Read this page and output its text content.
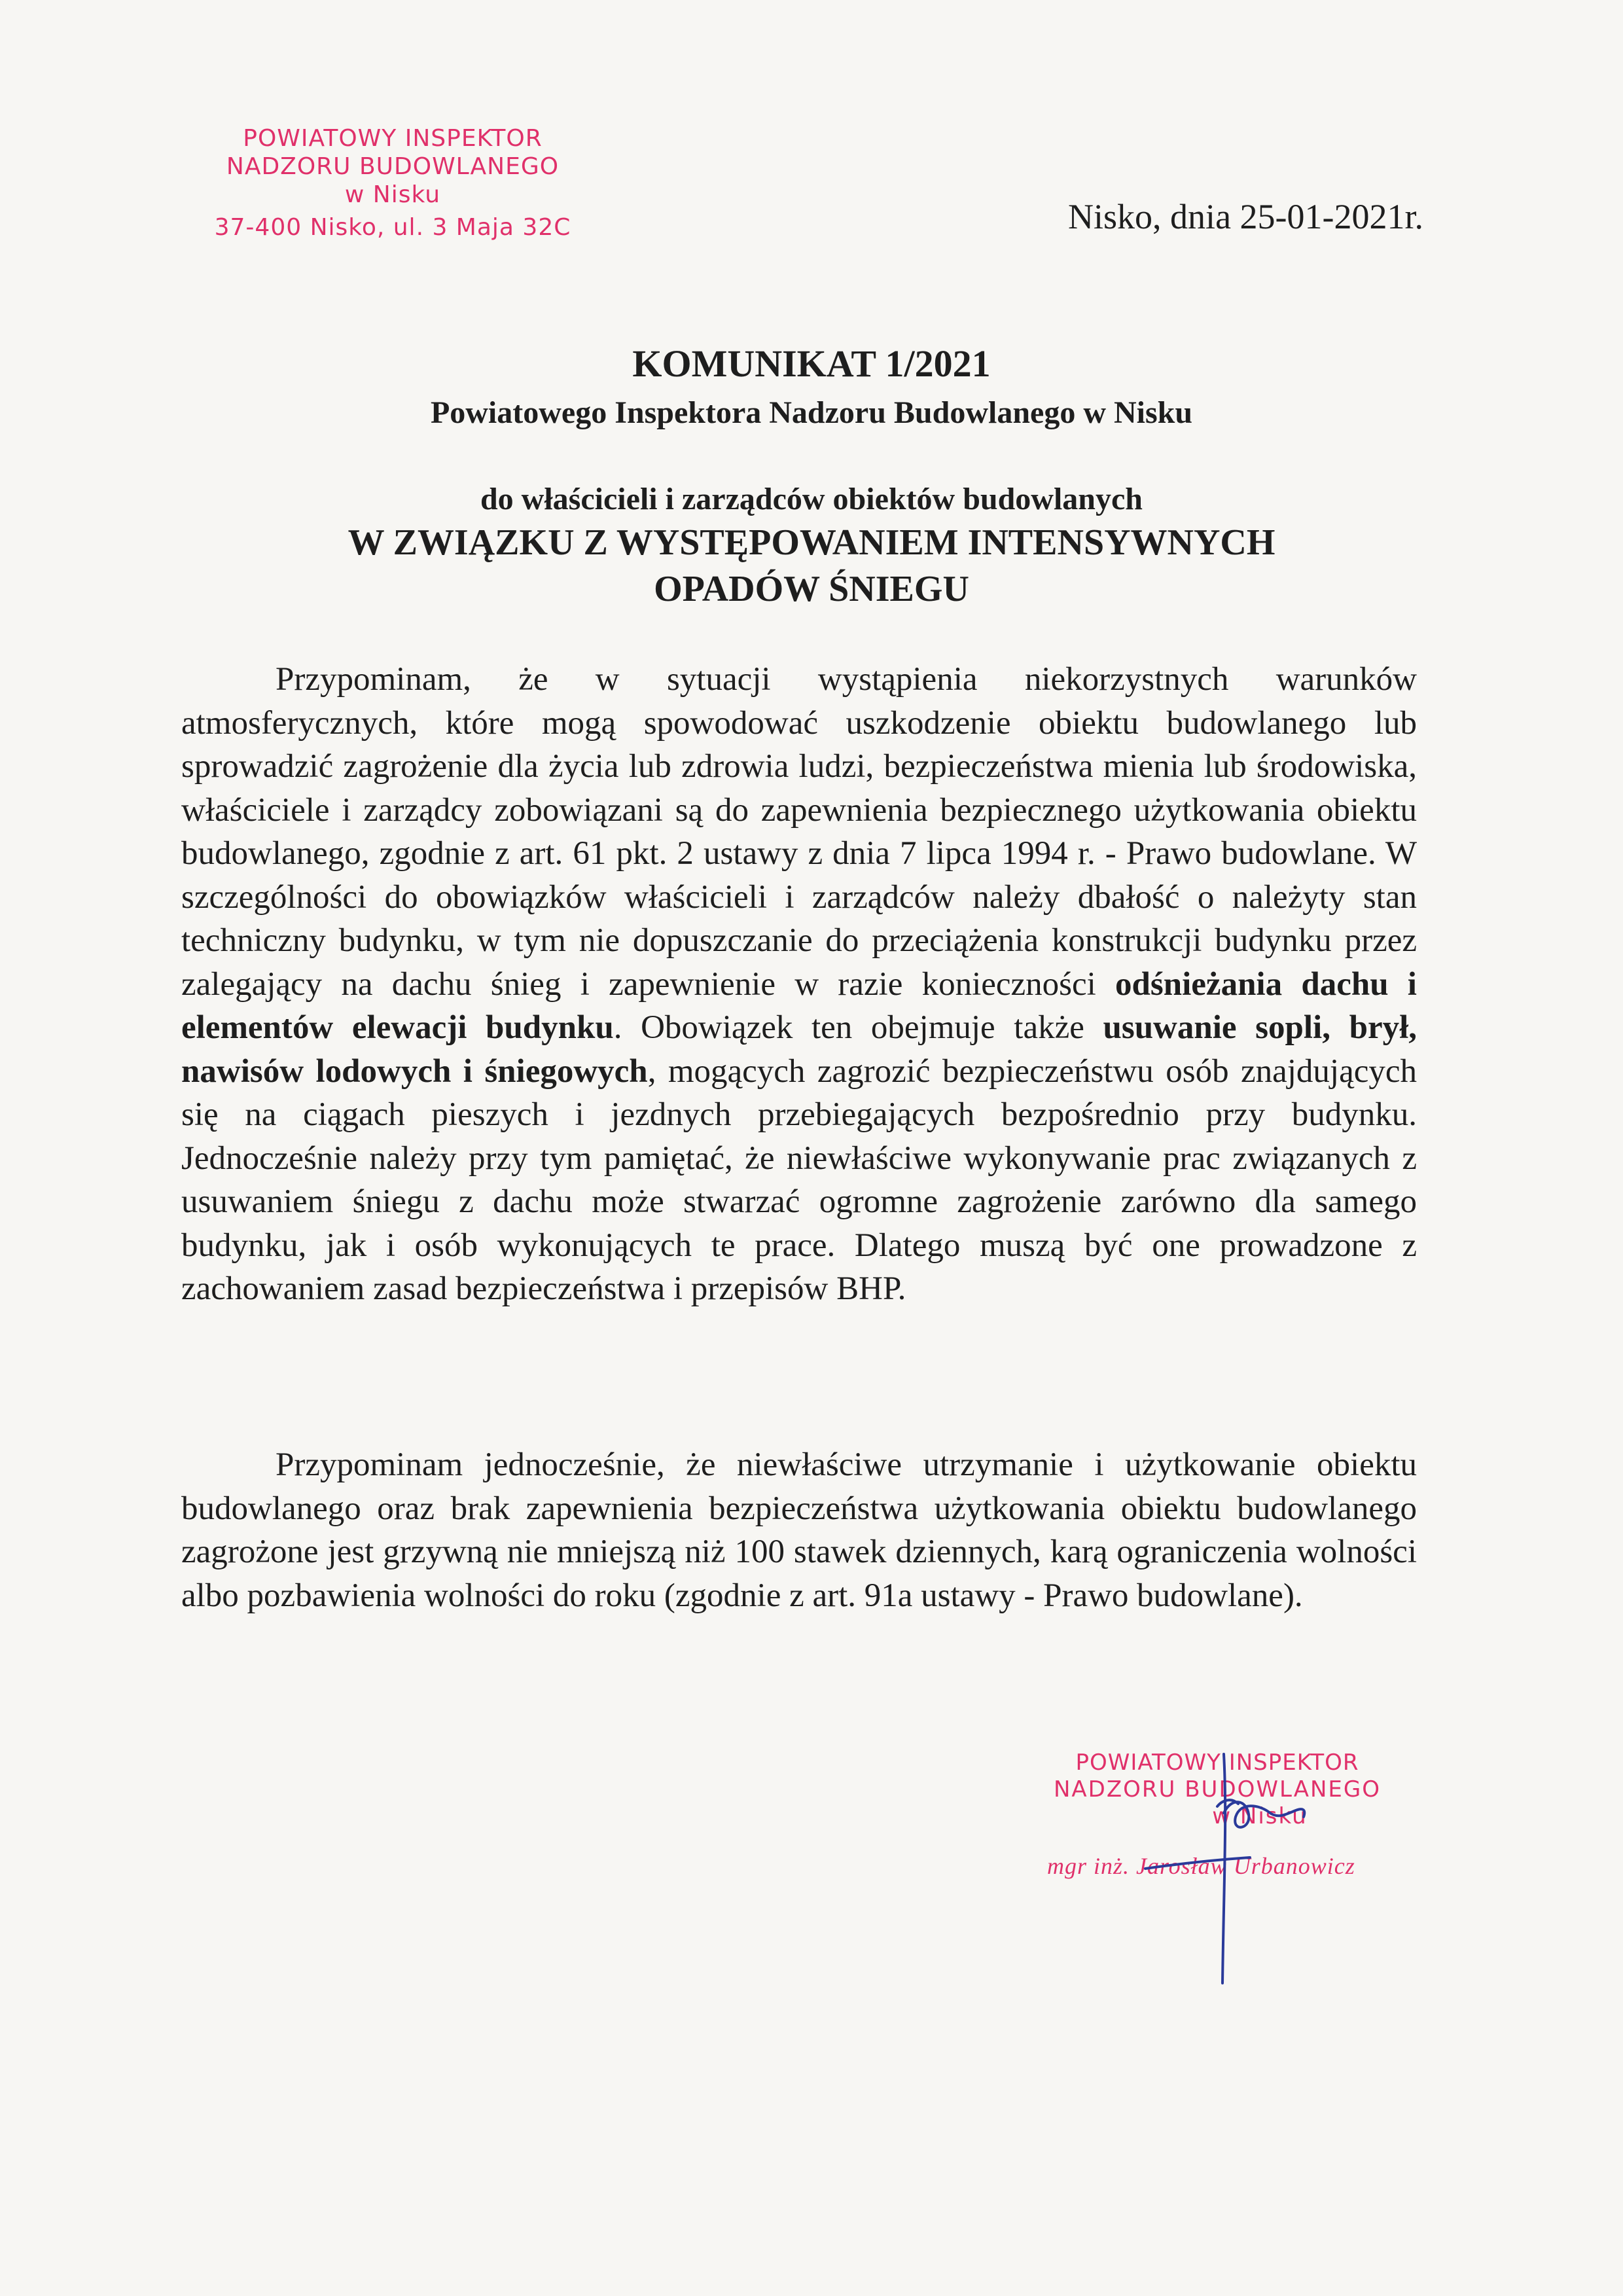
POWIATOWY INSPEKTOR
NADZORU BUDOWLANEGO
w Nisku
37-400 Nisko, ul. 3 Maja 32C	Nisko, dnia 25-01-2021r.
KOMUNIKAT 1/2021
Powiatowego Inspektora Nadzoru Budowlanego w Nisku
do właścicieli i zarządców obiektów budowlanych
W ZWIĄZKU Z WYSTĘPOWANIEM INTENSYWNYCH
OPADÓW ŚNIEGU

Przypominam, że w sytuacji wystąpienia niekorzystnych warunków atmosferycznych, które mogą spowodować uszkodzenie obiektu budowlanego lub sprowadzić zagrożenie dla życia lub zdrowia ludzi, bezpieczeństwa mienia lub środowiska, właściciele i zarządcy zobowiązani są do zapewnienia bezpiecznego użytkowania obiektu budowlanego, zgodnie z art. 61 pkt. 2 ustawy z dnia 7 lipca 1994 r. - Prawo budowlane. W szczególności do obowiązków właścicieli i zarządców należy dbałość o należyty stan techniczny budynku, w tym nie dopuszczanie do przeciążenia konstrukcji budynku przez zalegający na dachu śnieg i zapewnienie w razie konieczności odśnieżania dachu i elementów elewacji budynku. Obowiązek ten obejmuje także usuwanie sopli, brył, nawisów lodowych i śniegowych, mogących zagrozić bezpieczeństwu osób znajdujących się na ciągach pieszych i jezdnych przebiegających bezpośrednio przy budynku. Jednocześnie należy przy tym pamiętać, że niewłaściwe wykonywanie prac związanych z usuwaniem śniegu z dachu może stwarzać ogromne zagrożenie zarówno dla samego budynku, jak i osób wykonujących te prace. Dlatego muszą być one prowadzone z zachowaniem zasad bezpieczeństwa i przepisów BHP.

Przypominam jednocześnie, że niewłaściwe utrzymanie i użytkowanie obiektu budowlanego oraz brak zapewnienia bezpieczeństwa użytkowania obiektu budowlanego zagrożone jest grzywną nie mniejszą niż 100 stawek dziennych, karą ograniczenia wolności albo pozbawienia wolności do roku (zgodnie z art. 91a ustawy - Prawo budowlane).

POWIATOWY INSPEKTOR
NADZORU BUDOWLANEGO
w Nisku
mgr inż. Jarosław Urbanowicz
